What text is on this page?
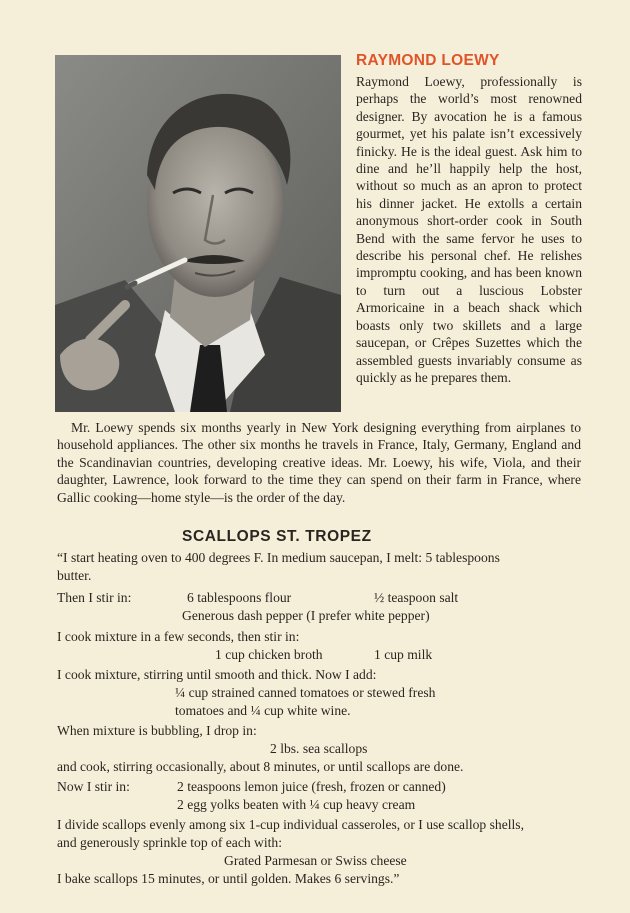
RAYMOND LOEWY

Raymond Loewy, professionally is perhaps the world’s most renowned designer. By avocation he is a famous gourmet, yet his palate isn’t excessively finicky. He is the ideal guest. Ask him to dine and he’ll happily help the host, without so much as an apron to protect his dinner jacket. He extolls a certain anonymous short-order cook in South Bend with the same fervor he uses to describe his personal chef. He relishes impromptu cooking, and has been known to turn out a luscious Lobster Armoricaine in a beach shack which boasts only two skillets and a large saucepan, or Crêpes Suzettes which the assembled guests invariably consume as quickly as he prepares them.

Mr. Loewy spends six months yearly in New York designing everything from airplanes to household appliances. The other six months he travels in France, Italy, Germany, England and the Scandinavian countries, developing creative ideas. Mr. Loewy, his wife, Viola, and their daughter, Lawrence, look forward to the time they can spend on their farm in France, where Gallic cooking—home style—is the order of the day.

SCALLOPS ST. TROPEZ

“I start heating oven to 400 degrees F. In medium saucepan, I melt: 5 tablespoons
butter.
Then I stir in:	6 tablespoons flour	½ teaspoon salt
Generous dash pepper (I prefer white pepper)
I cook mixture in a few seconds, then stir in:
1 cup chicken broth	1 cup milk
I cook mixture, stirring until smooth and thick. Now I add:
¼ cup strained canned tomatoes or stewed fresh
tomatoes and ¼ cup white wine.
When mixture is bubbling, I drop in:
2 lbs. sea scallops
and cook, stirring occasionally, about 8 minutes, or until scallops are done.
Now I stir in:	2 teaspoons lemon juice (fresh, frozen or canned)
2 egg yolks beaten with ¼ cup heavy cream
I divide scallops evenly among six 1-cup individual casseroles, or I use scallop shells,
and generously sprinkle top of each with:
Grated Parmesan or Swiss cheese
I bake scallops 15 minutes, or until golden. Makes 6 servings.”
